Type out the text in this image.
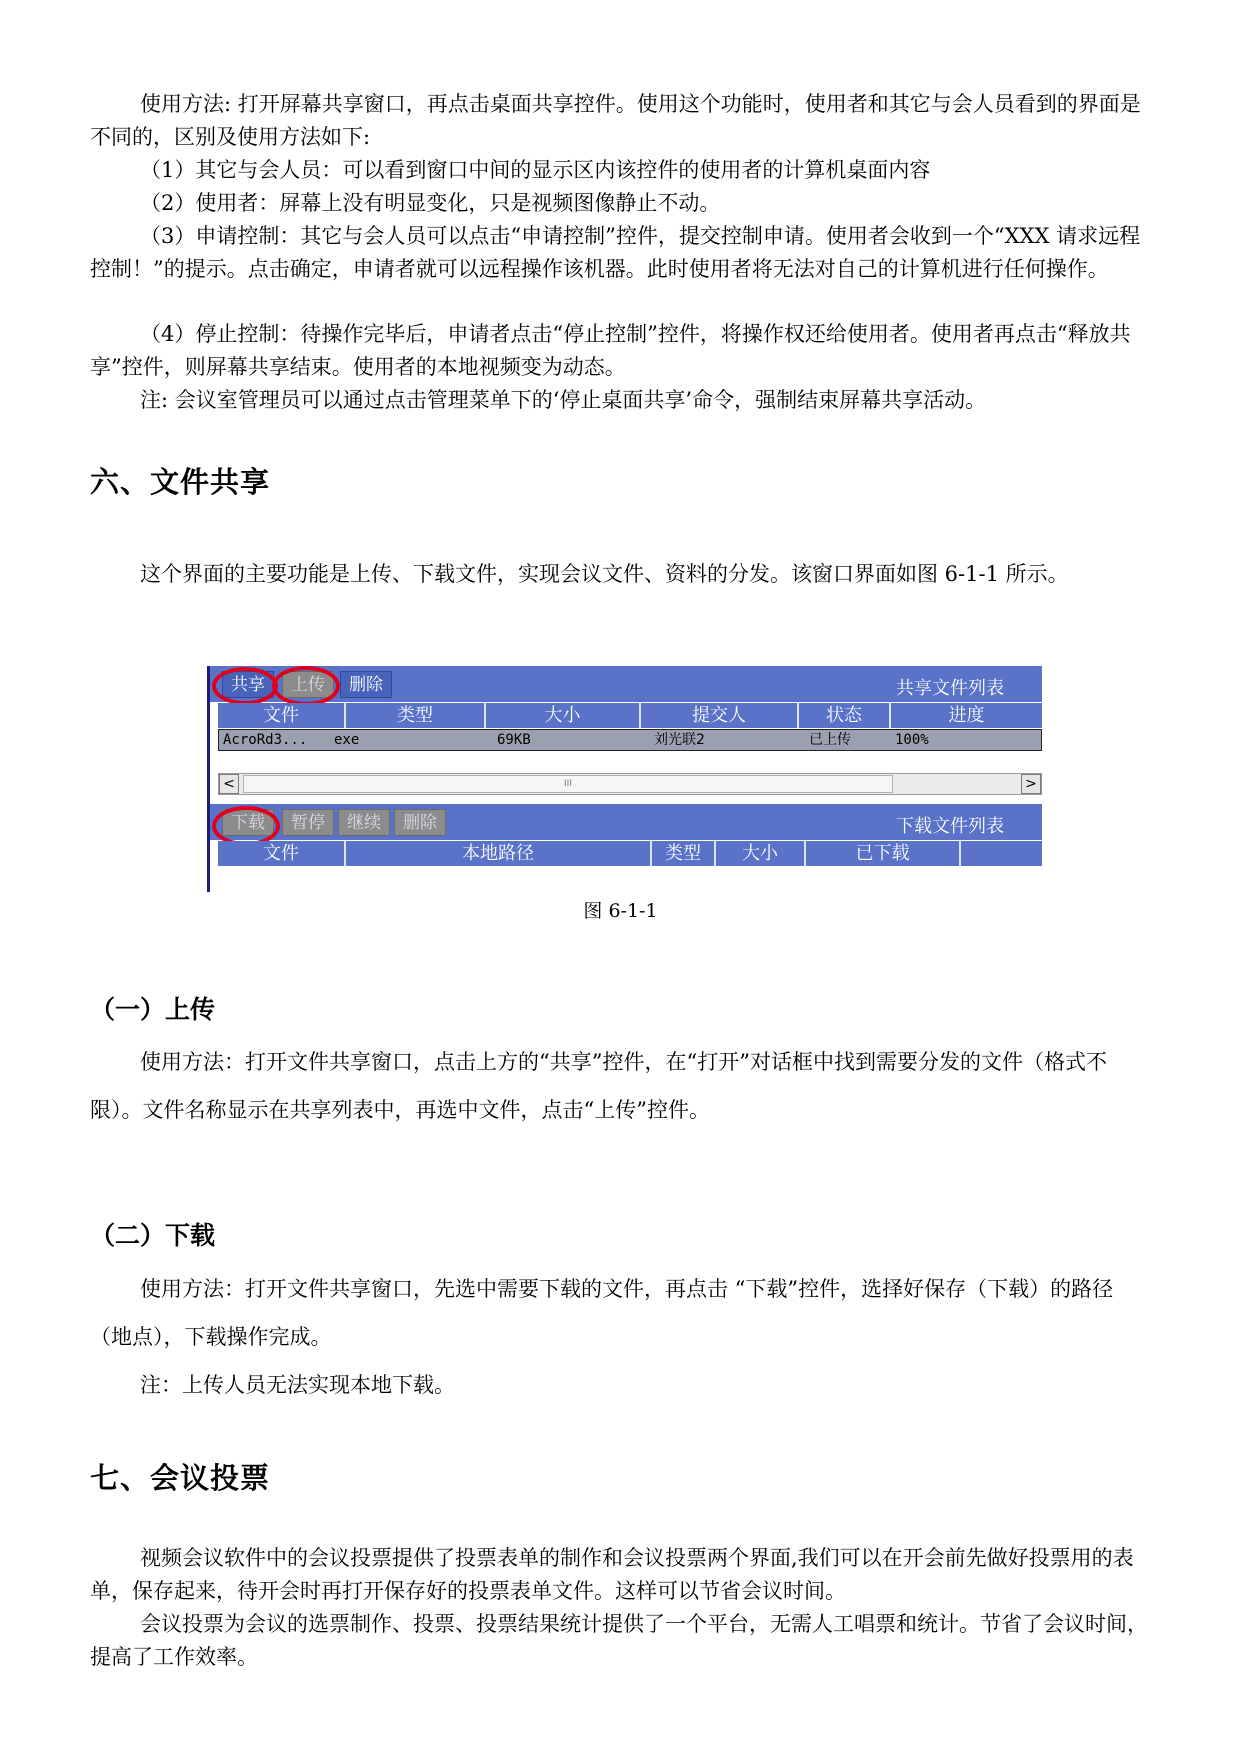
使用方法: 打开屏幕共享窗口，再点击桌面共享控件。使用这个功能时，使用者和其它与会人员看到的界面是不同的，区别及使用方法如下:

（1）其它与会人员：可以看到窗口中间的显示区内该控件的使用者的计算机桌面内容

（2）使用者：屏幕上没有明显变化，只是视频图像静止不动。

（3）申请控制：其它与会人员可以点击“申请控制”控件，提交控制申请。使用者会收到一个“XXX 请求远程控制！”的提示。点击确定，申请者就可以远程操作该机器。此时使用者将无法对自己的计算机进行任何操作。

（4）停止控制：待操作完毕后，申请者点击“停止控制”控件，将操作权还给使用者。使用者再点击“释放共享”控件，则屏幕共享结束。使用者的本地视频变为动态。

注: 会议室管理员可以通过点击管理菜单下的‘停止桌面共享’命令，强制结束屏幕共享活动。

六、文件共享

这个界面的主要功能是上传、下载文件，实现会议文件、资料的分发。该窗口界面如图 6-1-1 所示。

共享	上传	删除	共享文件列表
文件	类型	大小	提交人	状态	进度
AcroRd3... exe	69KB	刘光联2	已上传	100%
<	III	>
下载	暂停	继续	删除	下载文件列表
文件	本地路径	类型	大小	已下载
图 6-1-1
（一）上传

使用方法：打开文件共享窗口，点击上方的“共享”控件，在“打开”对话框中找到需要分发的文件（格式不限）。文件名称显示在共享列表中，再选中文件，点击“上传”控件。

（二）下载

使用方法：打开文件共享窗口，先选中需要下载的文件，再点击 “下载”控件，选择好保存（下载）的路径（地点），下载操作完成。

注：上传人员无法实现本地下载。

七、会议投票

视频会议软件中的会议投票提供了投票表单的制作和会议投票两个界面,我们可以在开会前先做好投票用的表单，保存起来，待开会时再打开保存好的投票表单文件。这样可以节省会议时间。

会议投票为会议的选票制作、投票、投票结果统计提供了一个平台，无需人工唱票和统计。节省了会议时间，提高了工作效率。
